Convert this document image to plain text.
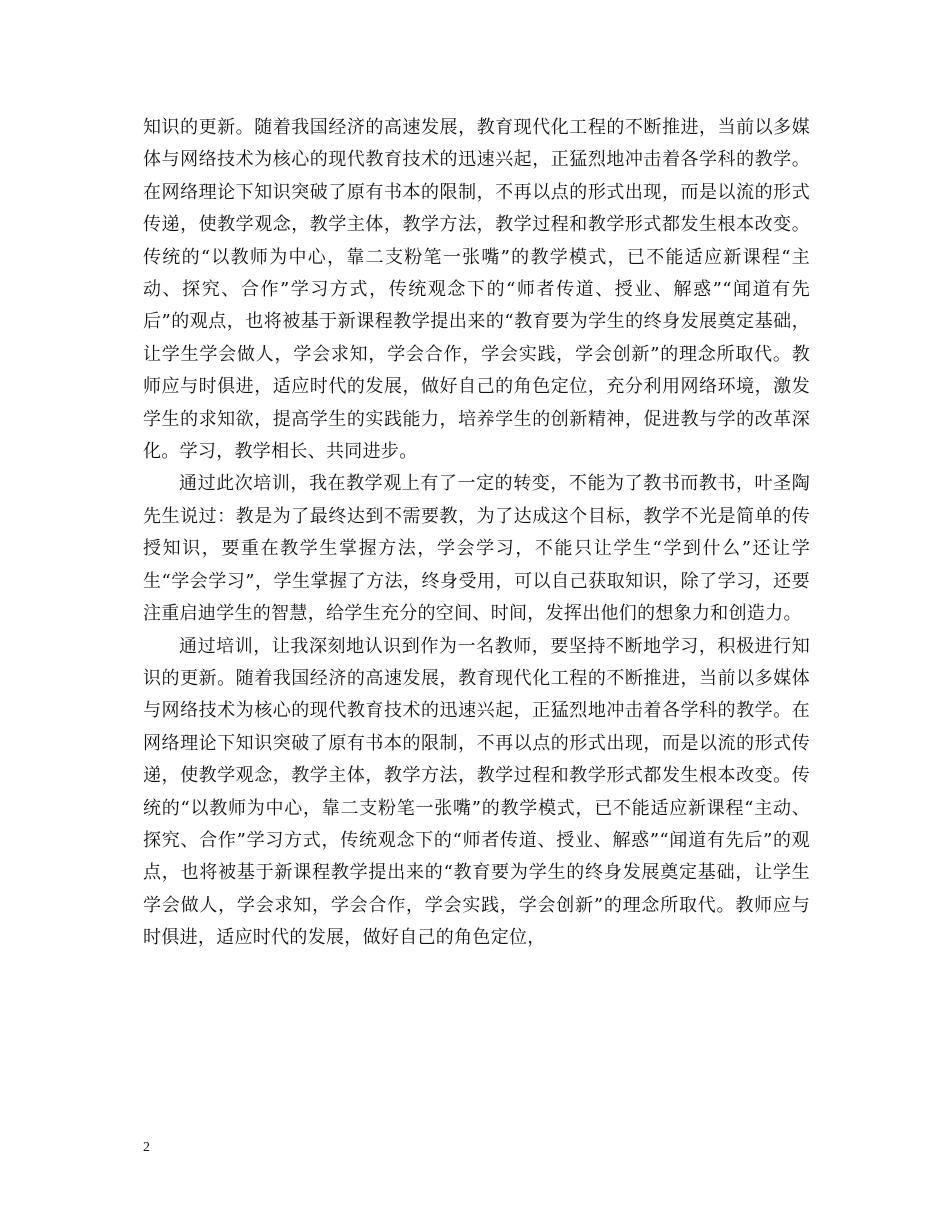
知识的更新。随着我国经济的高速发展，教育现代化工程的不断推进，当前以多媒体与网络技术为核心的现代教育技术的迅速兴起，正猛烈地冲击着各学科的教学。在网络理论下知识突破了原有书本的限制，不再以点的形式出现，而是以流的形式传递，使教学观念，教学主体，教学方法，教学过程和教学形式都发生根本改变。传统的“以教师为中心，靠二支粉笔一张嘴”的教学模式，已不能适应新课程“主动、探究、合作”学习方式，传统观念下的“师者传道、授业、解惑”“闻道有先后”的观点，也将被基于新课程教学提出来的“教育要为学生的终身发展奠定基础，让学生学会做人，学会求知，学会合作，学会实践，学会创新”的理念所取代。教师应与时俱进，适应时代的发展，做好自己的角色定位，充分利用网络环境，激发学生的求知欲，提高学生的实践能力，培养学生的创新精神，促进教与学的改革深化。学习，教学相长、共同进步。

通过此次培训，我在教学观上有了一定的转变，不能为了教书而教书，叶圣陶先生说过：教是为了最终达到不需要教，为了达成这个目标，教学不光是简单的传授知识，要重在教学生掌握方法，学会学习，不能只让学生“学到什么”还让学生“学会学习”，学生掌握了方法，终身受用，可以自己获取知识，除了学习，还要注重启迪学生的智慧，给学生充分的空间、时间，发挥出他们的想象力和创造力。

通过培训，让我深刻地认识到作为一名教师，要坚持不断地学习，积极进行知识的更新。随着我国经济的高速发展，教育现代化工程的不断推进，当前以多媒体与网络技术为核心的现代教育技术的迅速兴起，正猛烈地冲击着各学科的教学。在网络理论下知识突破了原有书本的限制，不再以点的形式出现，而是以流的形式传递，使教学观念，教学主体，教学方法，教学过程和教学形式都发生根本改变。传统的“以教师为中心，靠二支粉笔一张嘴”的教学模式，已不能适应新课程“主动、探究、合作”学习方式，传统观念下的“师者传道、授业、解惑”“闻道有先后”的观点，也将被基于新课程教学提出来的“教育要为学生的终身发展奠定基础，让学生学会做人，学会求知，学会合作，学会实践，学会创新”的理念所取代。教师应与时俱进，适应时代的发展，做好自己的角色定位，

2
